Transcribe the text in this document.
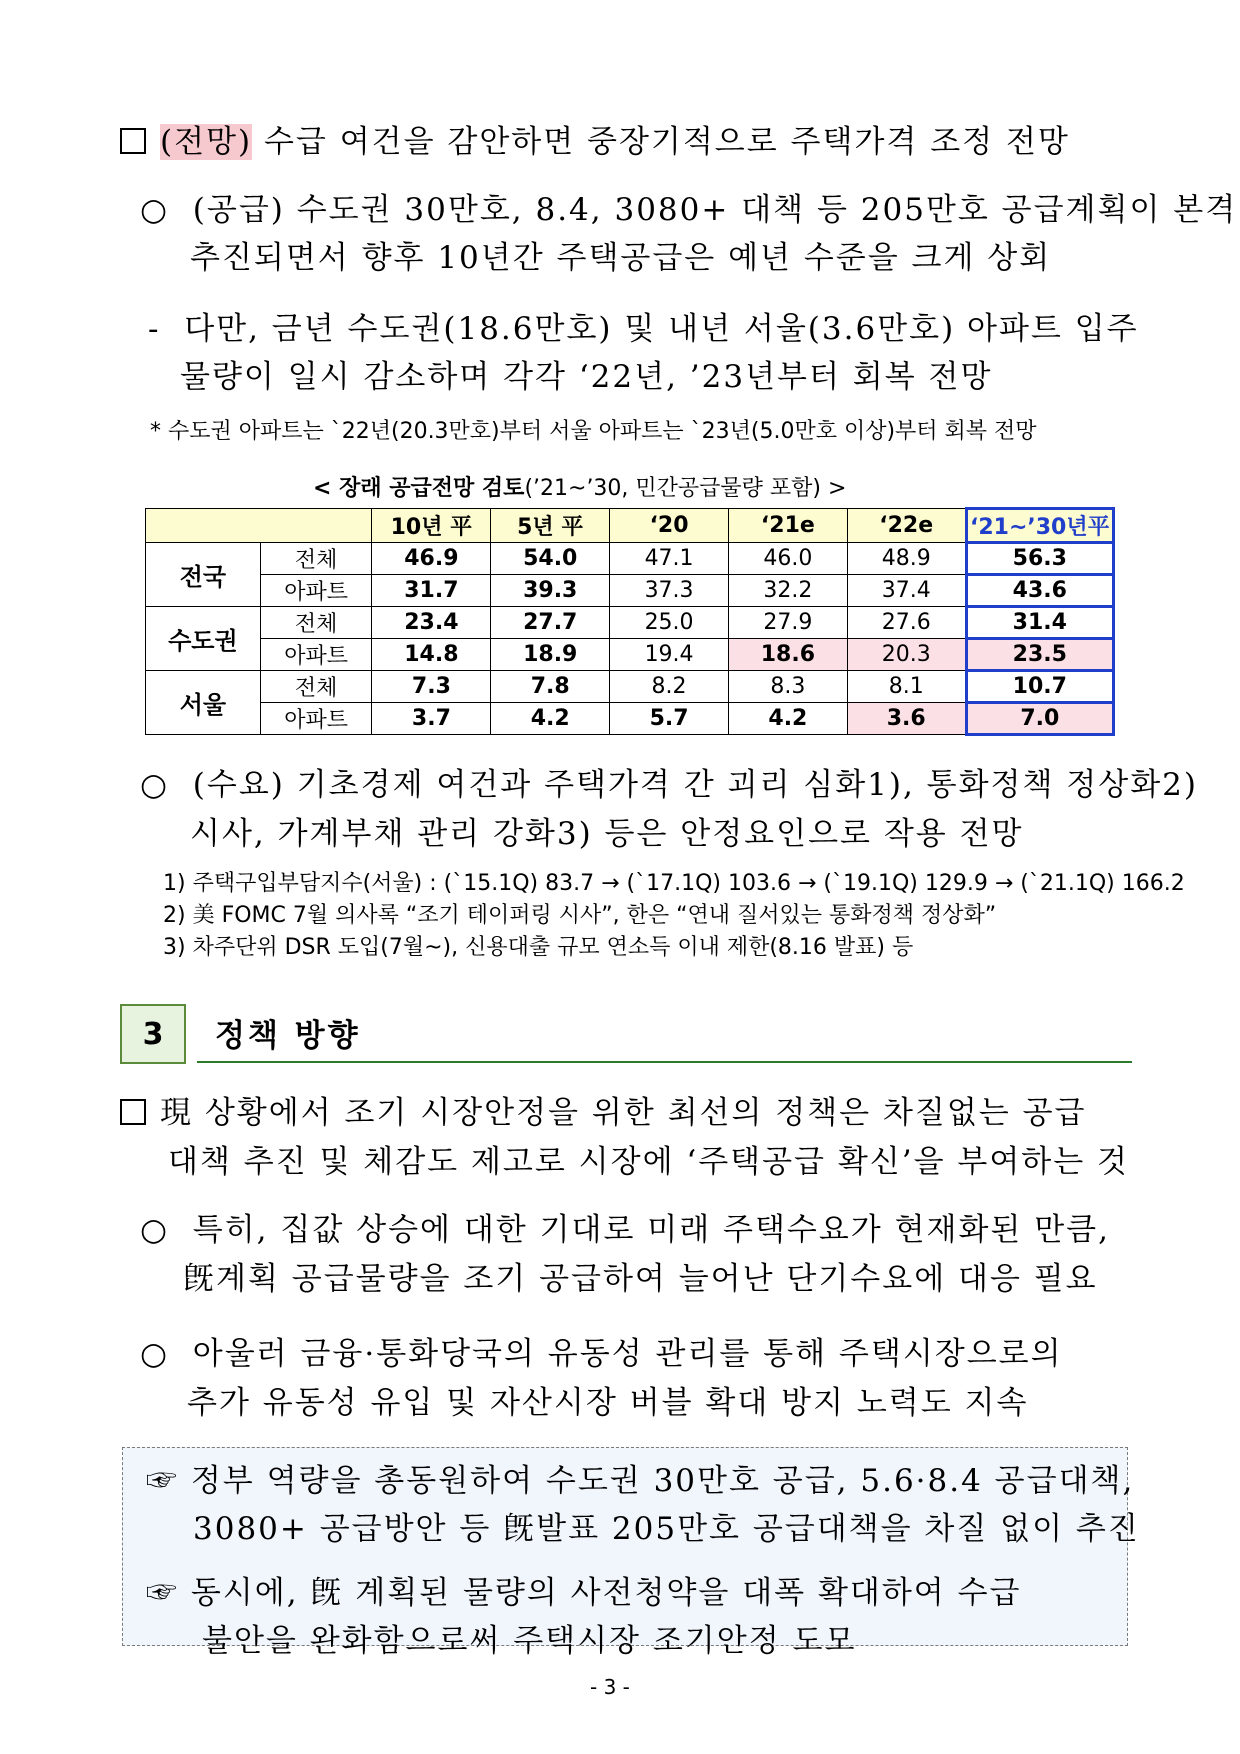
(전망) 수급 여건을 감안하면 중장기적으로 주택가격 조정 전망
○ (공급) 수도권 30만호, 8.4, 3080+ 대책 등 205만호 공급계획이 본격
추진되면서 향후 10년간 주택공급은 예년 수준을 크게 상회
- 다만, 금년 수도권(18.6만호) 및 내년 서울(3.6만호) 아파트 입주
물량이 일시 감소하며 각각 ‘22년, ’23년부터 회복 전망
* 수도권 아파트는 `22년(20.3만호)부터 서울 아파트는 `23년(5.0만호 이상)부터 회복 전망
< 장래 공급전망 검토(’21~’30, 민간공급물량 포함) >
		10년 平	5년 平	‘20	‘21e	‘22e	‘21~’30년平
전국	전체	46.9	54.0	47.1	46.0	48.9	56.3
	아파트	31.7	39.3	37.3	32.2	37.4	43.6
수도권	전체	23.4	27.7	25.0	27.9	27.6	31.4
	아파트	14.8	18.9	19.4	18.6	20.3	23.5
서울	전체	7.3	7.8	8.2	8.3	8.1	10.7
	아파트	3.7	4.2	5.7	4.2	3.6	7.0
○ (수요) 기초경제 여건과 주택가격 간 괴리 심화1), 통화정책 정상화2)
시사, 가계부채 관리 강화3) 등은 안정요인으로 작용 전망
1) 주택구입부담지수(서울) : (`15.1Q) 83.7 → (`17.1Q) 103.6 → (`19.1Q) 129.9 → (`21.1Q) 166.2
2) 美 FOMC 7월 의사록 “조기 테이퍼링 시사”, 한은 “연내 질서있는 통화정책 정상화”
3) 차주단위 DSR 도입(7월~), 신용대출 규모 연소득 이내 제한(8.16 발표) 등
3	정책 방향
現 상황에서 조기 시장안정을 위한 최선의 정책은 차질없는 공급
대책 추진 및 체감도 제고로 시장에 ‘주택공급 확신’을 부여하는 것
○ 특히, 집값 상승에 대한 기대로 미래 주택수요가 현재화된 만큼,
旣계획 공급물량을 조기 공급하여 늘어난 단기수요에 대응 필요
○ 아울러 금융·통화당국의 유동성 관리를 통해 주택시장으로의
추가 유동성 유입 및 자산시장 버블 확대 방지 노력도 지속
☞ 정부 역량을 총동원하여 수도권 30만호 공급, 5.6·8.4 공급대책,
3080+ 공급방안 등 旣발표 205만호 공급대책을 차질 없이 추진
☞ 동시에, 旣 계획된 물량의 사전청약을 대폭 확대하여 수급
불안을 완화함으로써 주택시장 조기안정 도모
- 3 -
